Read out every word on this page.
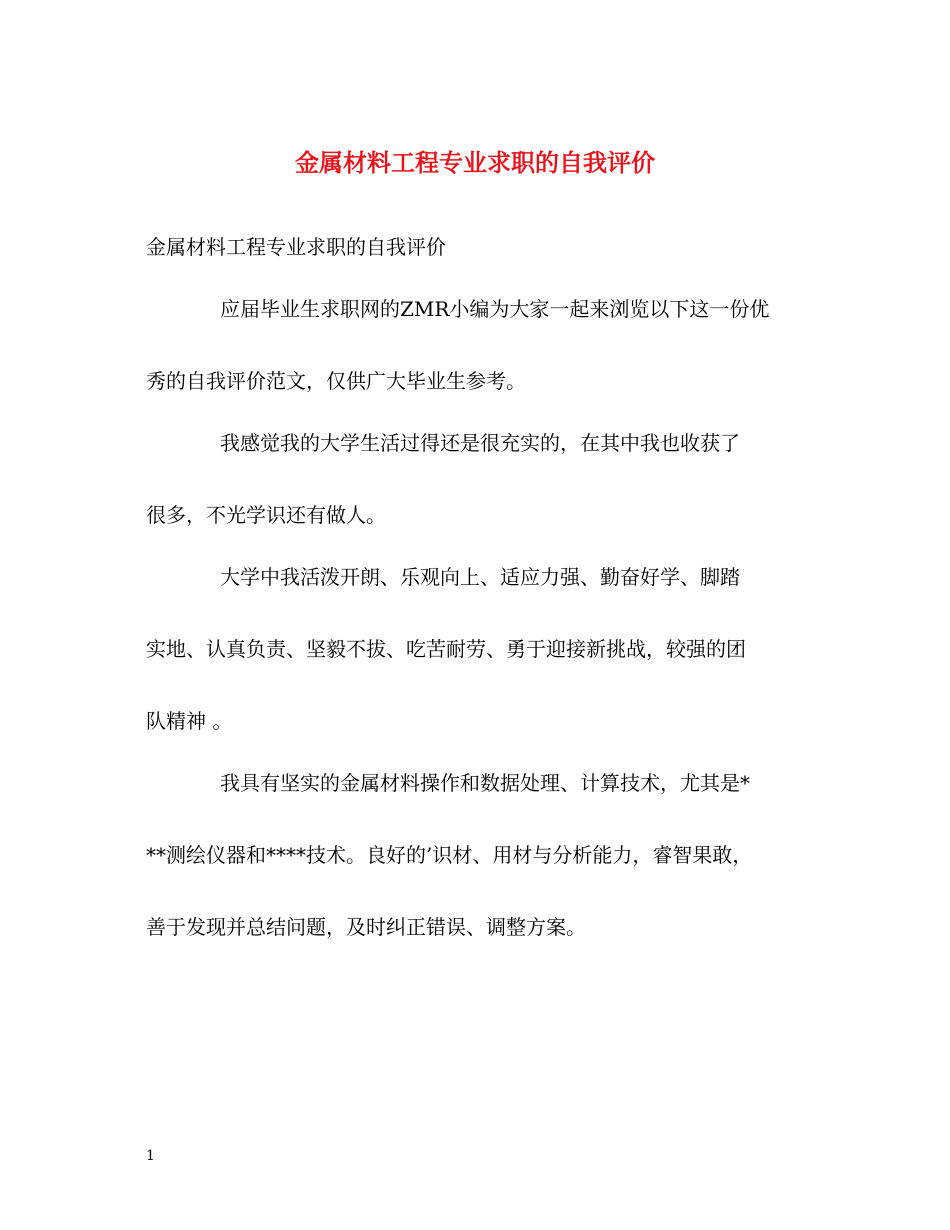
金属材料工程专业求职的自我评价

金属材料工程专业求职的自我评价

应届毕业生求职网的ZMR小编为大家一起来浏览以下这一份优

秀的自我评价范文，仅供广大毕业生参考。

我感觉我的大学生活过得还是很充实的，在其中我也收获了

很多，不光学识还有做人。

大学中我活泼开朗、乐观向上、适应力强、勤奋好学、脚踏

实地、认真负责、坚毅不拔、吃苦耐劳、勇于迎接新挑战，较强的团

队精神 。

我具有坚实的金属材料操作和数据处理、计算技术，尤其是*

**测绘仪器和****技术。良好的’识材、用材与分析能力，睿智果敢，

善于发现并总结问题，及时纠正错误、调整方案。

1
